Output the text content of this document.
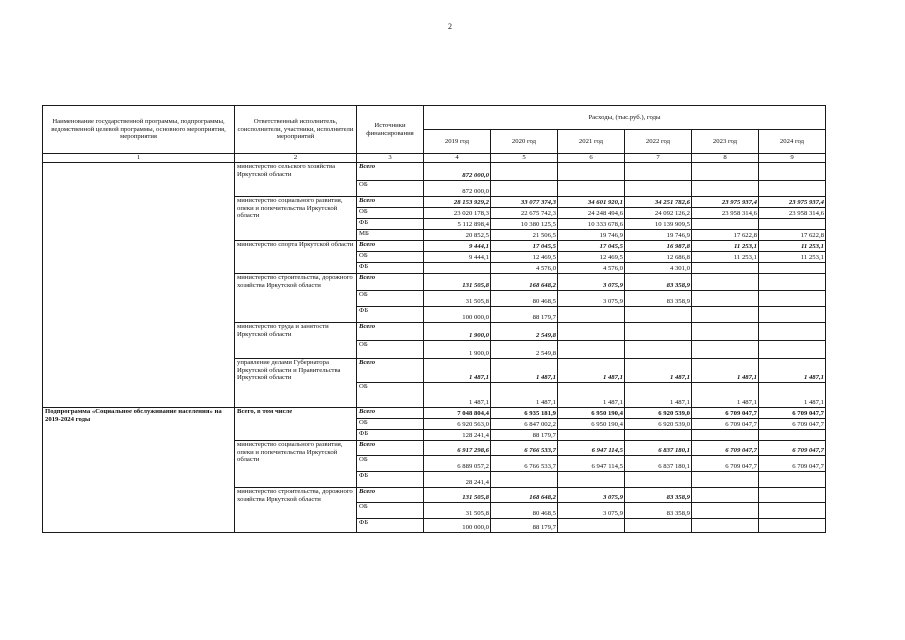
2
Наименование государственной программы, подпрограммы, ведомственной целевой программы, основного мероприятия, мероприятия	Ответственный исполнитель, соисполнители, участники, исполнители мероприятий	Источники финансирования	Расходы, (тыс.руб.), годы					
			2019 год	2020 год	2021 год	2022 год	2023 год	2024 год
1	2	3	4	5	6	7	8	9
	министерство сельского хозяйства Иркутской области	Всего	872 000,0					
		ОБ	872 000,0					
	министерство социального развития, опеки и попечительства Иркутской области	Всего	28 153 929,2	33 077 374,3	34 601 920,1	34 251 782,6	23 975 937,4	23 975 937,4
		ОБ	23 020 178,3	22 675 742,3	24 248 494,6	24 092 126,2	23 958 314,6	23 958 314,6
		ФБ	5 112 898,4	10 380 125,5	10 333 678,6	10 139 909,5		
		МБ	20 852,5	21 506,5	19 746,9	19 746,9	17 622,8	17 622,8
	министерство спорта Иркутской области	Всего	9 444,1	17 045,5	17 045,5	16 987,8	11 253,1	11 253,1
		ОБ	9 444,1	12 469,5	12 469,5	12 686,8	11 253,1	11 253,1
		ФБ		4 576,0	4 576,0	4 301,0		
	министерство строительства, дорожного хозяйства Иркутской области	Всего	131 505,8	168 648,2	3 075,9	83 358,9		
		ОБ	31 505,8	80 468,5	3 075,9	83 358,9		
		ФБ	100 000,0	88 179,7				
	министерство труда и занятости Иркутской области	Всего	1 900,0	2 549,8				
		ОБ	1 900,0	2 549,8				
	управление делами Губернатора Иркутской области и Правительства Иркутской области	Всего	1 487,1	1 487,1	1 487,1	1 487,1	1 487,1	1 487,1
		ОБ	1 487,1	1 487,1	1 487,1	1 487,1	1 487,1	1 487,1
Подпрограмма «Социальное обслуживание населения» на 2019-2024 годы	Всего, в том числе	Всего	7 048 804,4	6 935 181,9	6 950 190,4	6 920 539,0	6 709 047,7	6 709 047,7
		ОБ	6 920 563,0	6 847 002,2	6 950 190,4	6 920 539,0	6 709 047,7	6 709 047,7
		ФБ	128 241,4	88 179,7				
	министерство социального развития, опеки и попечительства Иркутской области	Всего	6 917 298,6	6 766 533,7	6 947 114,5	6 837 180,1	6 709 047,7	6 709 047,7
		ОБ	6 889 057,2	6 766 533,7	6 947 114,5	6 837 180,1	6 709 047,7	6 709 047,7
		ФБ	28 241,4					
	министерство строительства, дорожного хозяйства Иркутской области	Всего	131 505,8	168 648,2	3 075,9	83 358,9		
		ОБ	31 505,8	80 468,5	3 075,9	83 358,9		
		ФБ	100 000,0	88 179,7				
